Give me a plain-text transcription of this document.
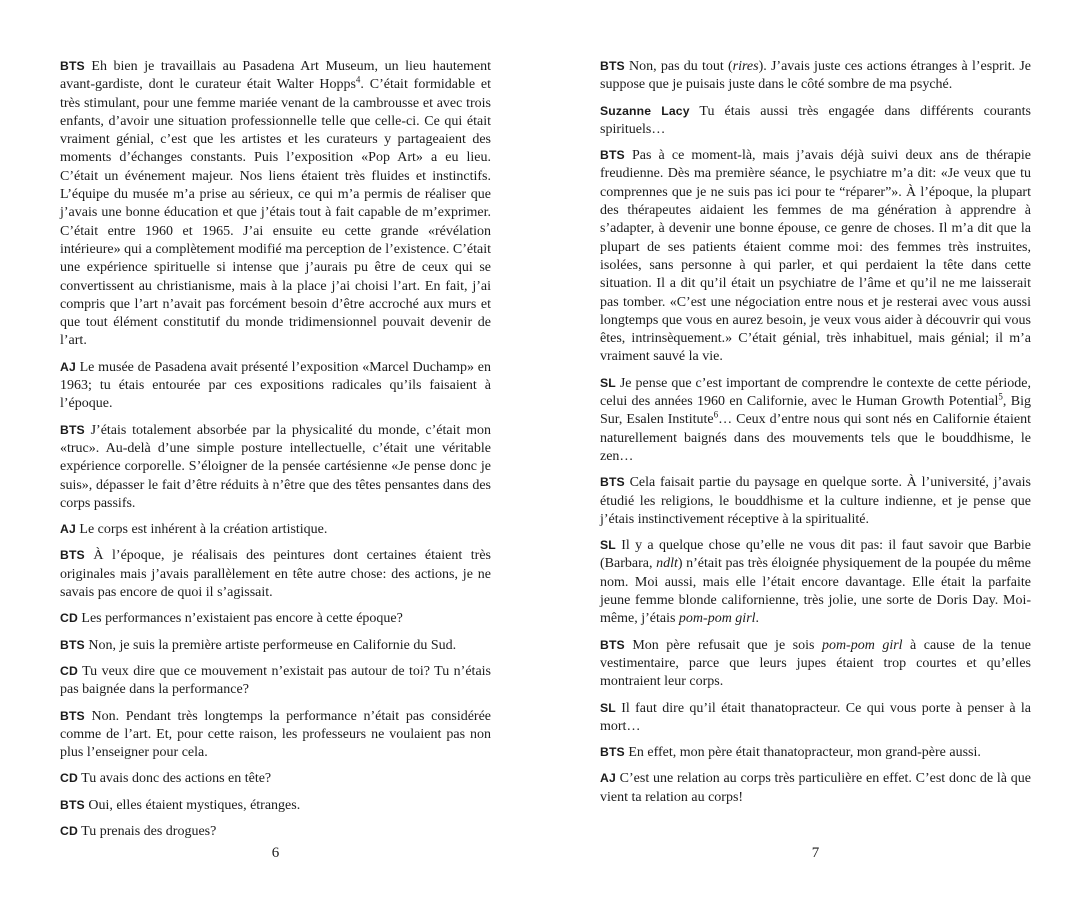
BTS Eh bien je travaillais au Pasadena Art Museum, un lieu hautement avant-gardiste, dont le curateur était Walter Hopps$^4$. C’était formidable et très stimulant, pour une femme mariée venant de la cambrousse et avec trois enfants, d’avoir une situation professionnelle telle que celle-ci. Ce qui était vraiment génial, c’est que les artistes et les curateurs y partageaient des moments d’échanges constants. Puis l’exposition «Pop Art» a eu lieu. C’était un événement majeur. Nos liens étaient très fluides et instinctifs. L’équipe du musée m’a prise au sérieux, ce qui m’a permis de réaliser que j’avais une bonne éducation et que j’étais tout à fait capable de m’exprimer. C’était entre 1960 et 1965. J’ai ensuite eu cette grande «révélation intérieure» qui a complètement modifié ma perception de l’existence. C’était une expérience spirituelle si intense que j’aurais pu être de ceux qui se convertissent au christianisme, mais à la place j’ai choisi l’art. En fait, j’ai compris que l’art n’avait pas forcément besoin d’être accroché aux murs et que tout élément constitutif du monde tridimensionnel pouvait devenir de l’art.

AJ Le musée de Pasadena avait présenté l’exposition «Marcel Duchamp» en 1963; tu étais entourée par ces expositions radicales qu’ils faisaient à l’époque.

BTS J’étais totalement absorbée par la physicalité du monde, c’était mon «truc». Au-delà d’une simple posture intellectuelle, c’était une véritable expérience corporelle. S’éloigner de la pensée cartésienne «Je pense donc je suis», dépasser le fait d’être réduits à n’être que des têtes pensantes dans des corps passifs.

AJ Le corps est inhérent à la création artistique.

BTS À l’époque, je réalisais des peintures dont certaines étaient très originales mais j’avais parallèlement en tête autre chose: des actions, je ne savais pas encore de quoi il s’agissait.

CD Les performances n’existaient pas encore à cette époque?

BTS Non, je suis la première artiste performeuse en Californie du Sud.

CD Tu veux dire que ce mouvement n’existait pas autour de toi? Tu n’étais pas baignée dans la performance?

BTS Non. Pendant très longtemps la performance n’était pas considérée comme de l’art. Et, pour cette raison, les professeurs ne voulaient pas non plus l’enseigner pour cela.

CD Tu avais donc des actions en tête?

BTS Oui, elles étaient mystiques, étranges.

CD Tu prenais des drogues?

BTS Non, pas du tout (rires). J’avais juste ces actions étranges à l’esprit. Je suppose que je puisais juste dans le côté sombre de ma psyché.

Suzanne Lacy Tu étais aussi très engagée dans différents courants spirituels…

BTS Pas à ce moment-là, mais j’avais déjà suivi deux ans de thérapie freudienne. Dès ma première séance, le psychiatre m’a dit: «Je veux que tu comprennes que je ne suis pas ici pour te “réparer”». À l’époque, la plupart des thérapeutes aidaient les femmes de ma génération à apprendre à s’adapter, à devenir une bonne épouse, ce genre de choses. Il m’a dit que la plupart de ses patients étaient comme moi: des femmes très instruites, isolées, sans personne à qui parler, et qui perdaient la tête dans cette situation. Il a dit qu’il était un psychiatre de l’âme et qu’il ne me laisserait pas tomber. «C’est une négociation entre nous et je resterai avec vous aussi longtemps que vous en aurez besoin, je veux vous aider à découvrir qui vous êtes, intrinsèquement.» C’était génial, très inhabituel, mais génial; il m’a vraiment sauvé la vie.

SL Je pense que c’est important de comprendre le contexte de cette période, celui des années 1960 en Californie, avec le Human Growth Potential$^5$, Big Sur, Esalen Institute$^6$… Ceux d’entre nous qui sont nés en Californie étaient naturellement baignés dans des mouvements tels que le bouddhisme, le zen…

BTS Cela faisait partie du paysage en quelque sorte. À l’université, j’avais étudié les religions, le bouddhisme et la culture indienne, et je pense que j’étais instinctivement réceptive à la spiritualité.

SL Il y a quelque chose qu’elle ne vous dit pas: il faut savoir que Barbie (Barbara, ndlt) n’était pas très éloignée physiquement de la poupée du même nom. Moi aussi, mais elle l’était encore davantage. Elle était la parfaite jeune femme blonde californienne, très jolie, une sorte de Doris Day. Moi-même, j’étais pom-pom girl.

BTS Mon père refusait que je sois pom-pom girl à cause de la tenue vestimentaire, parce que leurs jupes étaient trop courtes et qu’elles montraient leur corps.

SL Il faut dire qu’il était thanatopracteur. Ce qui vous porte à penser à la mort…

BTS En effet, mon père était thanatopracteur, mon grand-père aussi.

AJ C’est une relation au corps très particulière en effet. C’est donc de là que vient ta relation au corps!

6	7
